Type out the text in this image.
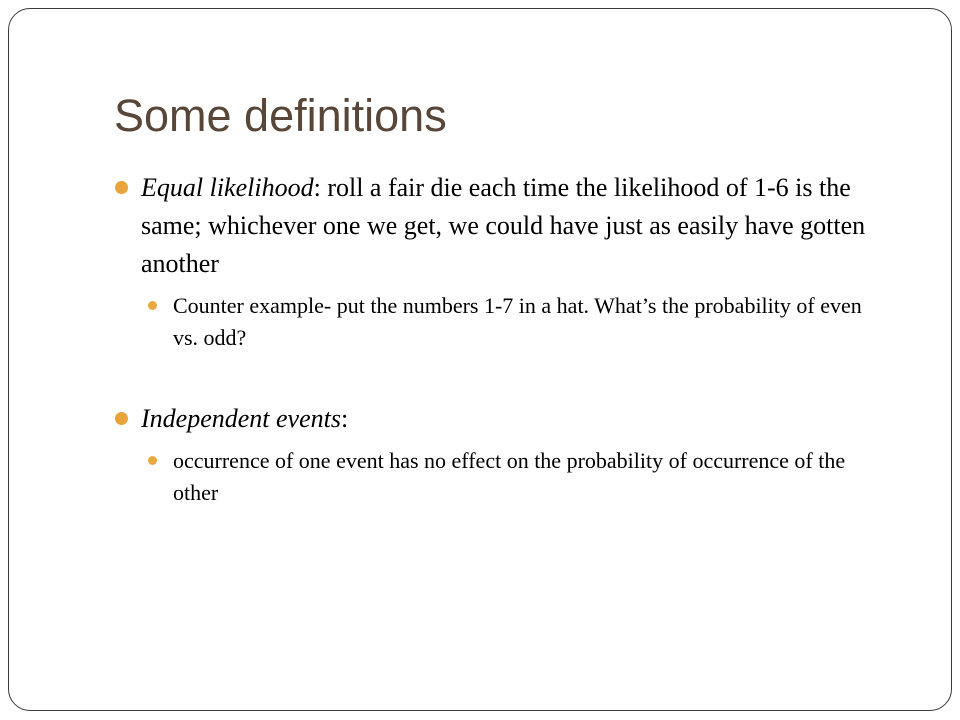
Some definitions
Equal likelihood: roll a fair die each time the likelihood of 1-6 is the same; whichever one we get, we could have just as easily have gotten another
Counter example- put the numbers 1-7 in a hat. What’s the probability of even vs. odd?
Independent events:
occurrence of one event has no effect on the probability of occurrence of the other
